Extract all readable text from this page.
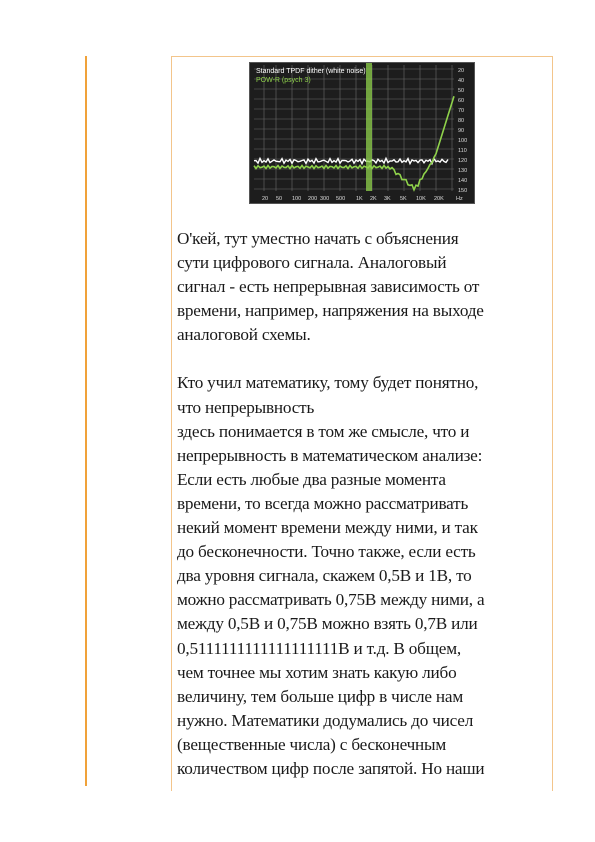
Standard TPDF dither (white noise)
POW-R (psych 3)
20
40
50
60
70
80
90
100
110
120
130
140
150
20 50 100 200 300 500 1K 2K 3K 5K 10K 20K Hz

О'кей, тут уместно начать с объяснения
сути цифрового сигнала. Аналоговый
сигнал - есть непрерывная зависимость от
времени, например, напряжения на выходе
аналоговой схемы.

Кто учил математику, тому будет понятно,
что непрерывность
здесь понимается в том же смысле, что и
непрерывность в математическом анализе:
Если есть любые два разные момента
времени, то всегда можно рассматривать
некий момент времени между ними, и так
до бесконечности. Точно также, если есть
два уровня сигнала, скажем 0,5В и 1В, то
можно рассматривать 0,75В между ними, а
между 0,5В и 0,75В можно взять 0,7В или
0,5111111111111111111В и т.д. В общем,
чем точнее мы хотим знать какую либо
величину, тем больше цифр в числе нам
нужно. Математики додумались до чисел
(вещественные числа) с бесконечным
количеством цифр после запятой. Но наши
